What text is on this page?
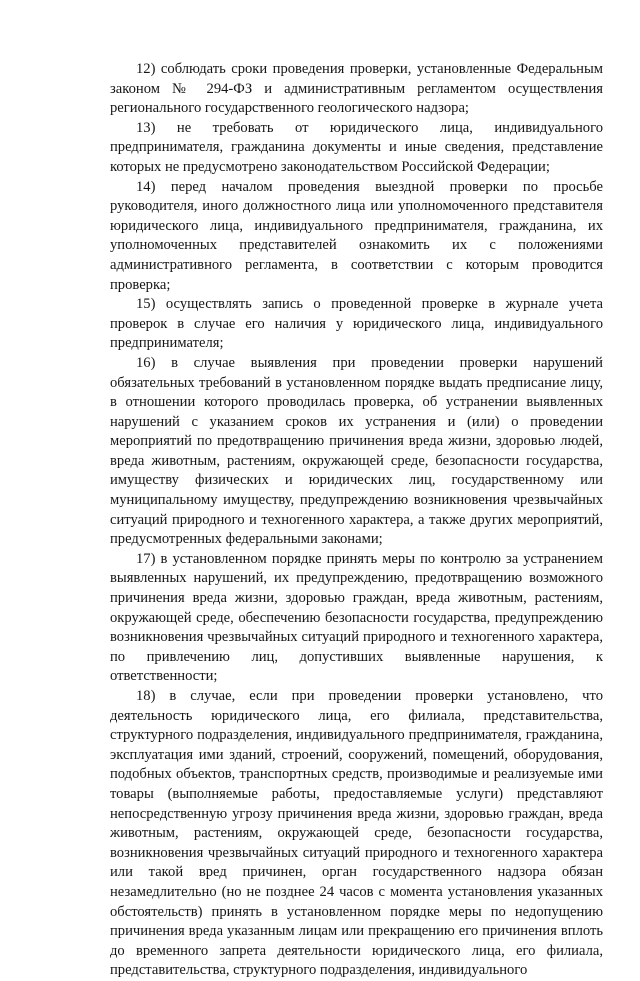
12) соблюдать сроки проведения проверки, установленные Федеральным законом № 294-ФЗ и административным регламентом осуществления регионального государственного геологического надзора;

13) не требовать от юридического лица, индивидуального предпринимателя, гражданина документы и иные сведения, представление которых не предусмотрено законодательством Российской Федерации;

14) перед началом проведения выездной проверки по просьбе руководителя, иного должностного лица или уполномоченного представителя юридического лица, индивидуального предпринимателя, гражданина, их уполномоченных представителей ознакомить их с положениями административного регламента, в соответствии с которым проводится проверка;

15) осуществлять запись о проведенной проверке в журнале учета проверок в случае его наличия у юридического лица, индивидуального предпринимателя;

16) в случае выявления при проведении проверки нарушений обязательных требований в установленном порядке выдать предписание лицу, в отношении которого проводилась проверка, об устранении выявленных нарушений с указанием сроков их устранения и (или) о проведении мероприятий по предотвращению причинения вреда жизни, здоровью людей, вреда животным, растениям, окружающей среде, безопасности государства, имуществу физических и юридических лиц, государственному или муниципальному имуществу, предупреждению возникновения чрезвычайных ситуаций природного и техногенного характера, а также других мероприятий, предусмотренных федеральными законами;

17) в установленном порядке принять меры по контролю за устранением выявленных нарушений, их предупреждению, предотвращению возможного причинения вреда жизни, здоровью граждан, вреда животным, растениям, окружающей среде, обеспечению безопасности государства, предупреждению возникновения чрезвычайных ситуаций природного и техногенного характера, по привлечению лиц, допустивших выявленные нарушения, к ответственности;

18) в случае, если при проведении проверки установлено, что деятельность юридического лица, его филиала, представительства, структурного подразделения, индивидуального предпринимателя, гражданина, эксплуатация ими зданий, строений, сооружений, помещений, оборудования, подобных объектов, транспортных средств, производимые и реализуемые ими товары (выполняемые работы, предоставляемые услуги) представляют непосредственную угрозу причинения вреда жизни, здоровью граждан, вреда животным, растениям, окружающей среде, безопасности государства, возникновения чрезвычайных ситуаций природного и техногенного характера или такой вред причинен, орган государственного надзора обязан незамедлительно (но не позднее 24 часов с момента установления указанных обстоятельств) принять в установленном порядке меры по недопущению причинения вреда указанным лицам или прекращению его причинения вплоть до временного запрета деятельности юридического лица, его филиала, представительства, структурного подразделения, индивидуального
